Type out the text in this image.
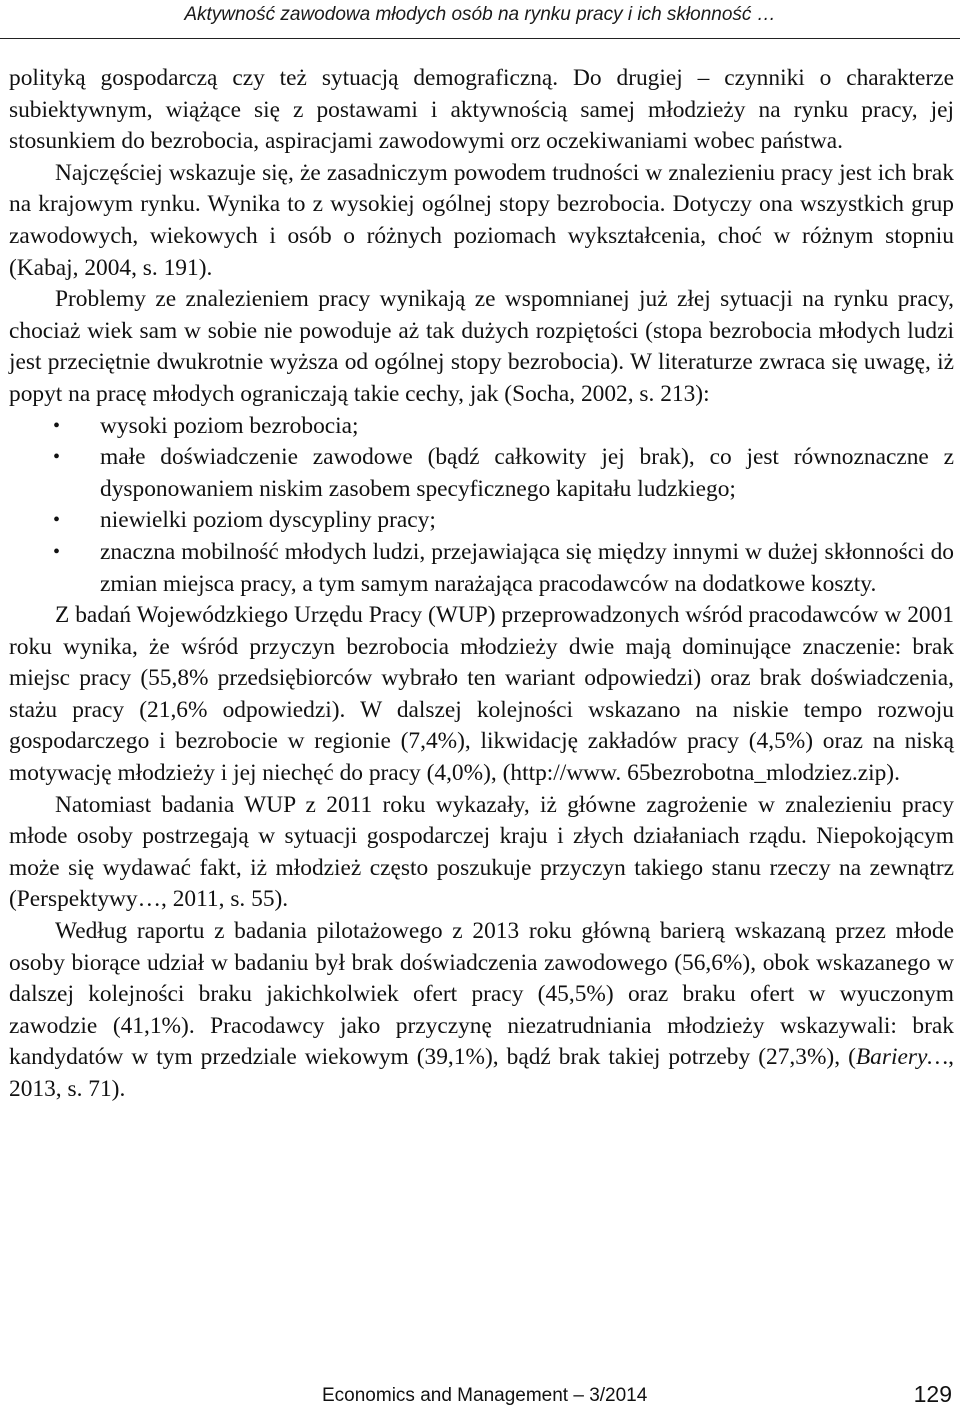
Aktywność zawodowa młodych osób na rynku pracy i ich skłonność …

polityką gospodarczą czy też sytuacją demograficzną. Do drugiej – czynniki o charakterze subiektywnym, wiążące się z postawami i aktywnością samej młodzieży na rynku pracy, jej stosunkiem do bezrobocia, aspiracjami zawodowymi orz oczekiwaniami wobec państwa.

Najczęściej wskazuje się, że zasadniczym powodem trudności w znalezieniu pracy jest ich brak na krajowym rynku. Wynika to z wysokiej ogólnej stopy bezrobocia. Dotyczy ona wszystkich grup zawodowych, wiekowych i osób o różnych poziomach wykształcenia, choć w różnym stopniu (Kabaj, 2004, s. 191).

Problemy ze znalezieniem pracy wynikają ze wspomnianej już złej sytuacji na rynku pracy, chociaż wiek sam w sobie nie powoduje aż tak dużych rozpiętości (stopa bezrobocia młodych ludzi jest przeciętnie dwukrotnie wyższa od ogólnej stopy bezrobocia). W literaturze zwraca się uwagę, iż popyt na pracę młodych ograniczają takie cechy, jak (Socha, 2002, s. 213):

• wysoki poziom bezrobocia;
• małe doświadczenie zawodowe (bądź całkowity jej brak), co jest równoznaczne z dysponowaniem niskim zasobem specyficznego kapitału ludzkiego;
• niewielki poziom dyscypliny pracy;
• znaczna mobilność młodych ludzi, przejawiająca się między innymi w dużej skłonności do zmian miejsca pracy, a tym samym narażająca pracodawców na dodatkowe koszty.

Z badań Wojewódzkiego Urzędu Pracy (WUP) przeprowadzonych wśród pracodawców w 2001 roku wynika, że wśród przyczyn bezrobocia młodzieży dwie mają dominujące znaczenie: brak miejsc pracy (55,8% przedsiębiorców wybrało ten wariant odpowiedzi) oraz brak doświadczenia, stażu pracy (21,6% odpowiedzi). W dalszej kolejności wskazano na niskie tempo rozwoju gospodarczego i bezrobocie w regionie (7,4%), likwidację zakładów pracy (4,5%) oraz na niską motywację młodzieży i jej niechęć do pracy (4,0%), (http://www. 65bezrobotna_mlodziez.zip).

Natomiast badania WUP z 2011 roku wykazały, iż główne zagrożenie w znalezieniu pracy młode osoby postrzegają w sytuacji gospodarczej kraju i złych działaniach rządu. Niepokojącym może się wydawać fakt, iż młodzież często poszukuje przyczyn takiego stanu rzeczy na zewnątrz (Perspektywy…, 2011, s. 55).

Według raportu z badania pilotażowego z 2013 roku główną barierą wskazaną przez młode osoby biorące udział w badaniu był brak doświadczenia zawodowego (56,6%), obok wskazanego w dalszej kolejności braku jakichkolwiek ofert pracy (45,5%) oraz braku ofert w wyuczonym zawodzie (41,1%). Pracodawcy jako przyczynę niezatrudniania młodzieży wskazywali: brak kandydatów w tym przedziale wiekowym (39,1%), bądź brak takiej potrzeby (27,3%), (Bariery…, 2013, s. 71).

Economics and Management – 3/2014	129
